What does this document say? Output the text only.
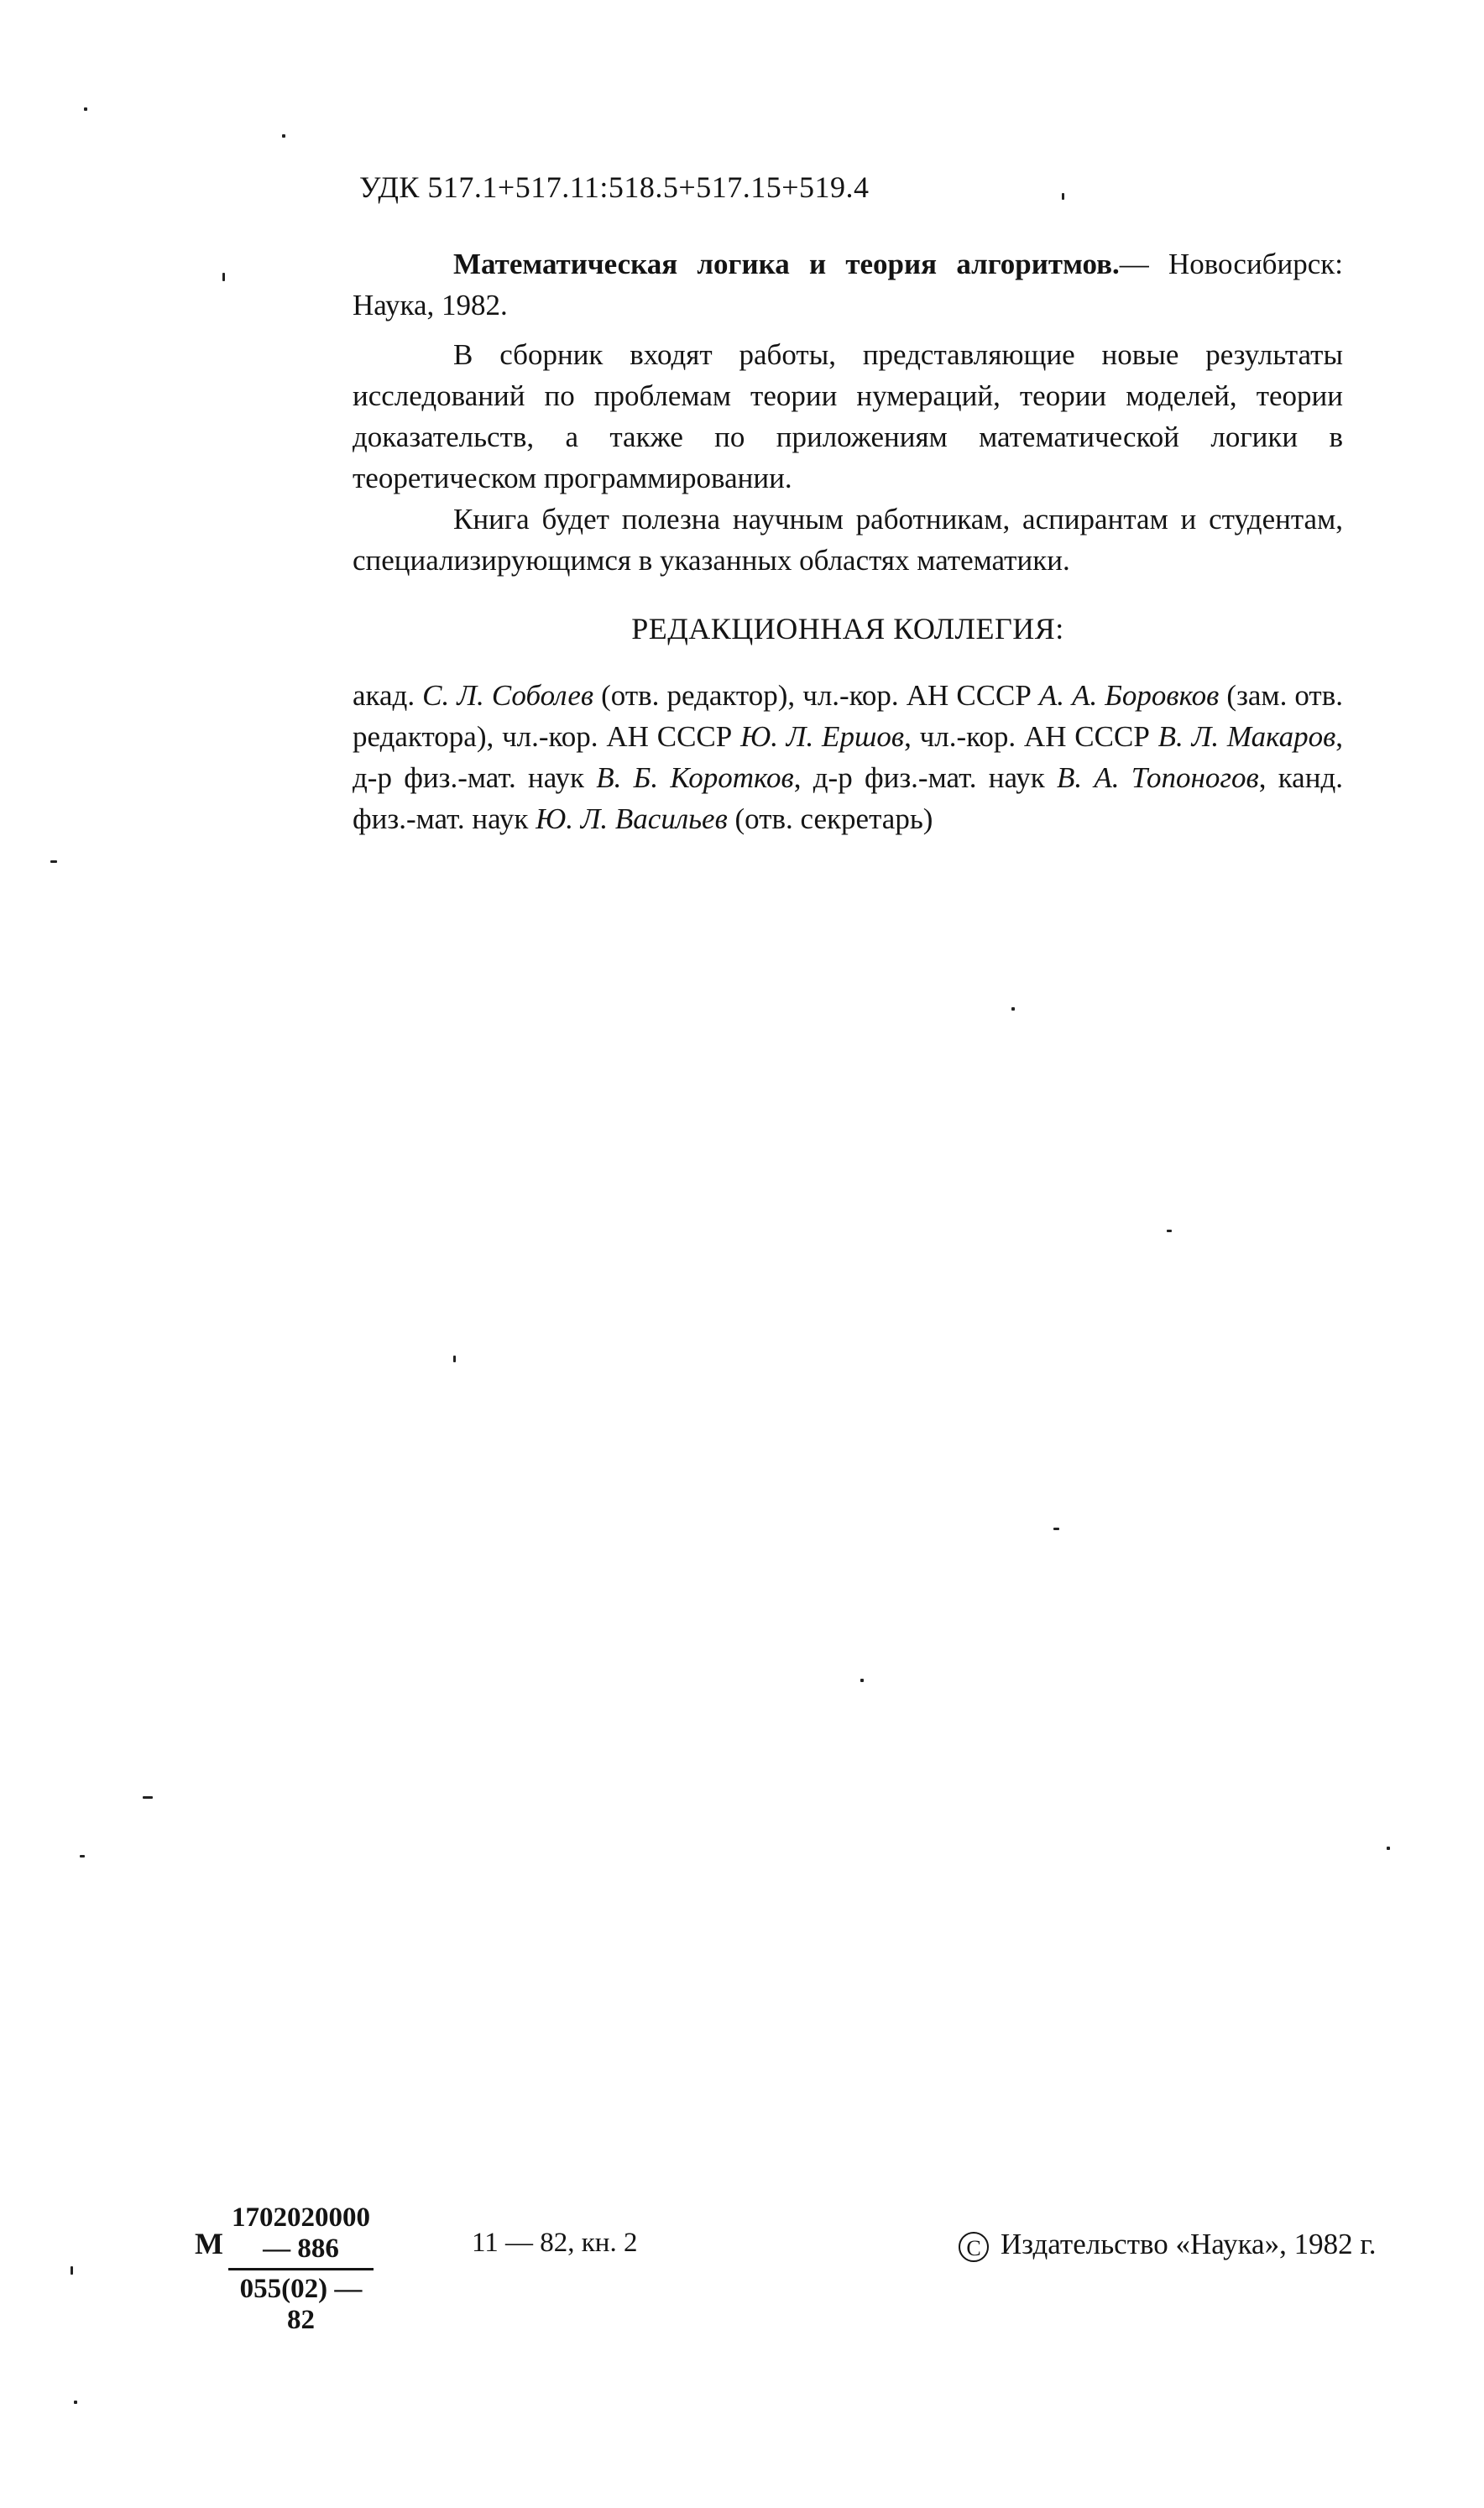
УДК 517.1+517.11:518.5+517.15+519.4

Математическая логика и теория алгоритмов.— Новосибирск: Наука, 1982.

В сборник входят работы, представляющие новые результаты исследований по проблемам теории нумераций, теории моделей, теории доказательств, а также по приложениям математической логики в теоретическом программировании.

Книга будет полезна научным работникам, аспирантам и студентам, специализирующимся в указанных областях математики.

РЕДАКЦИОННАЯ КОЛЛЕГИЯ:
акад. С. Л. Соболев (отв. редактор), чл.-кор. АН СССР А. А. Боровков (зам. отв. редактора), чл.-кор. АН СССР Ю. Л. Ершов, чл.-кор. АН СССР В. Л. Макаров, д-р физ.-мат. наук В. Б. Коротков, д-р физ.-мат. наук В. А. Топоногов, канд. физ.-мат. наук Ю. Л. Васильев (отв. секретарь)
М $\frac{1702020000 — 886}{055(02) — 82}$	11 — 82, кн. 2	C Издательство «Наука», 1982 г.
